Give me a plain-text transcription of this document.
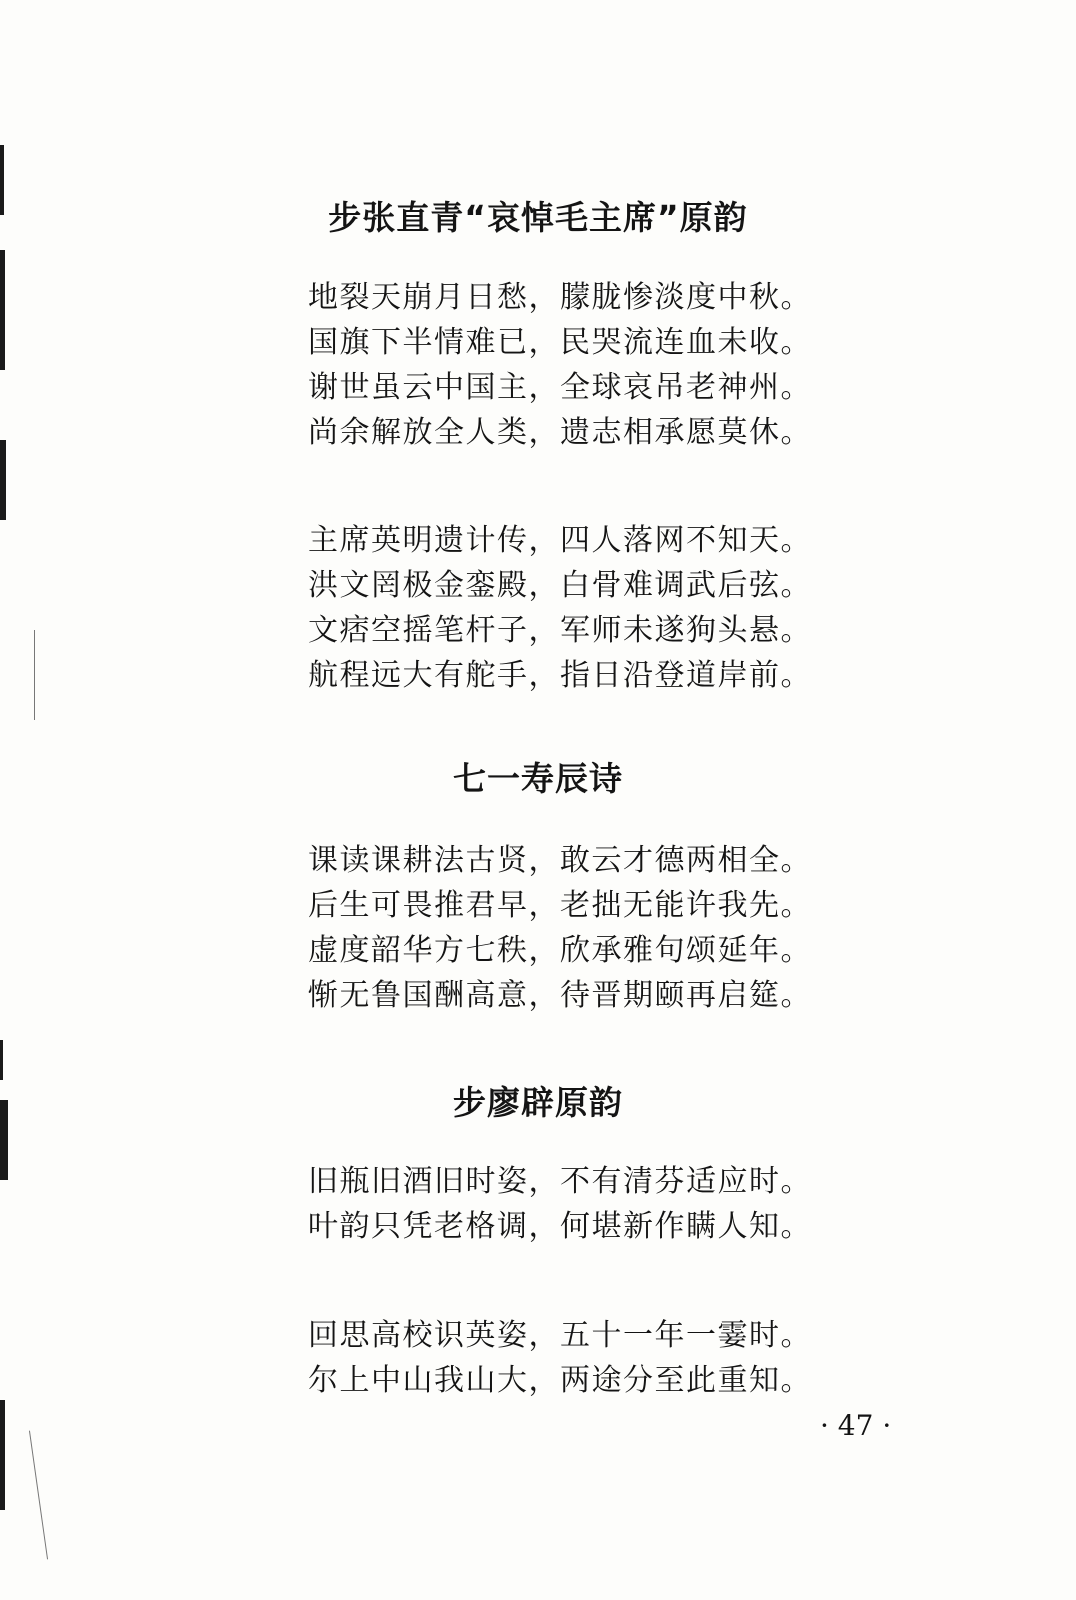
步张直青“哀悼毛主席”原韵
地裂天崩月日愁，朦胧惨淡度中秋。
国旗下半情难已，民哭流连血未收。
谢世虽云中国主，全球哀吊老神州。
尚余解放全人类，遗志相承愿莫休。
主席英明遗计传，四人落网不知天。
洪文罔极金銮殿，白骨难调武后弦。
文痞空摇笔杆子，军师未遂狗头悬。
航程远大有舵手，指日沿登道岸前。
七一寿辰诗
课读课耕法古贤，敢云才德两相全。
后生可畏推君早，老拙无能许我先。
虚度韶华方七秩，欣承雅句颂延年。
惭无鲁国酬高意，待晋期颐再启筵。
步廖辟原韵
旧瓶旧酒旧时姿，不有清芬适应时。
叶韵只凭老格调，何堪新作瞒人知。
回思高校识英姿，五十一年一霎时。
尔上中山我山大，两途分至此重知。
· 47 ·
